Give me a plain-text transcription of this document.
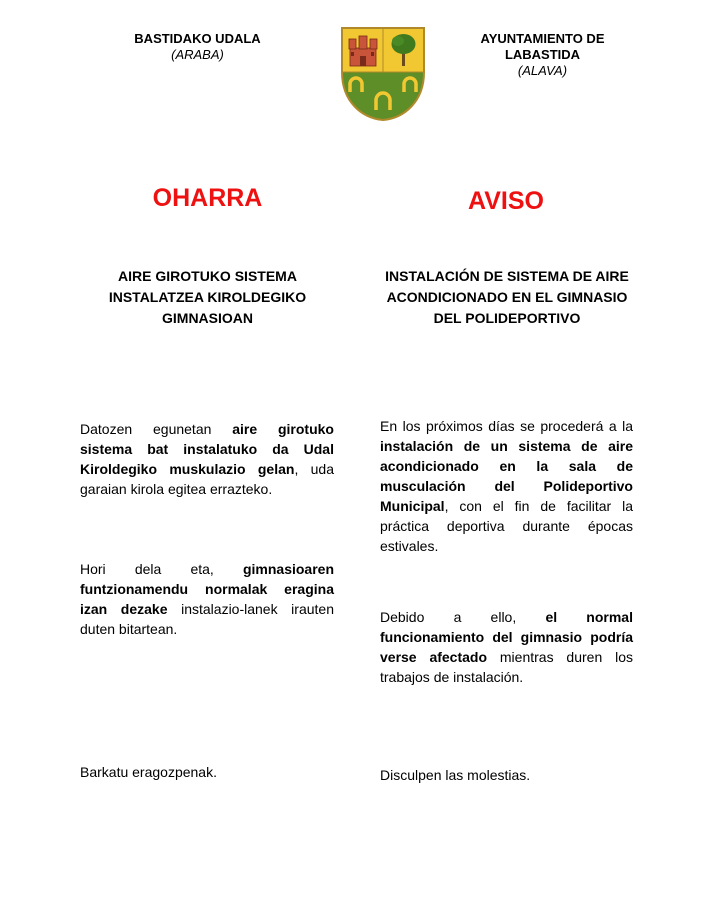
BASTIDAKO UDALA
(ARABA)
AYUNTAMIENTO DE LABASTIDA
(ALAVA)
OHARRA	AVISO
AIRE GIROTUKO SISTEMA INSTALATZEA KIROLDEGIKO GIMNASIOAN
INSTALACIÓN DE SISTEMA DE AIRE ACONDICIONADO EN EL GIMNASIO DEL POLIDEPORTIVO
Datozen egunetan aire girotuko sistema bat instalatuko da Udal Kiroldegiko muskulazio gelan, uda garaian kirola egitea errazteko.
Hori dela eta, gimnasioaren funtzionamendu normalak eragina izan dezake instalazio-lanek irauten duten bitartean.
Barkatu eragozpenak.
En los próximos días se procederá a la instalación de un sistema de aire acondicionado en la sala de musculación del Polideportivo Municipal, con el fin de facilitar la práctica deportiva durante épocas estivales.
Debido a ello, el normal funcionamiento del gimnasio podría verse afectado mientras duren los trabajos de instalación.
Disculpen las molestias.
